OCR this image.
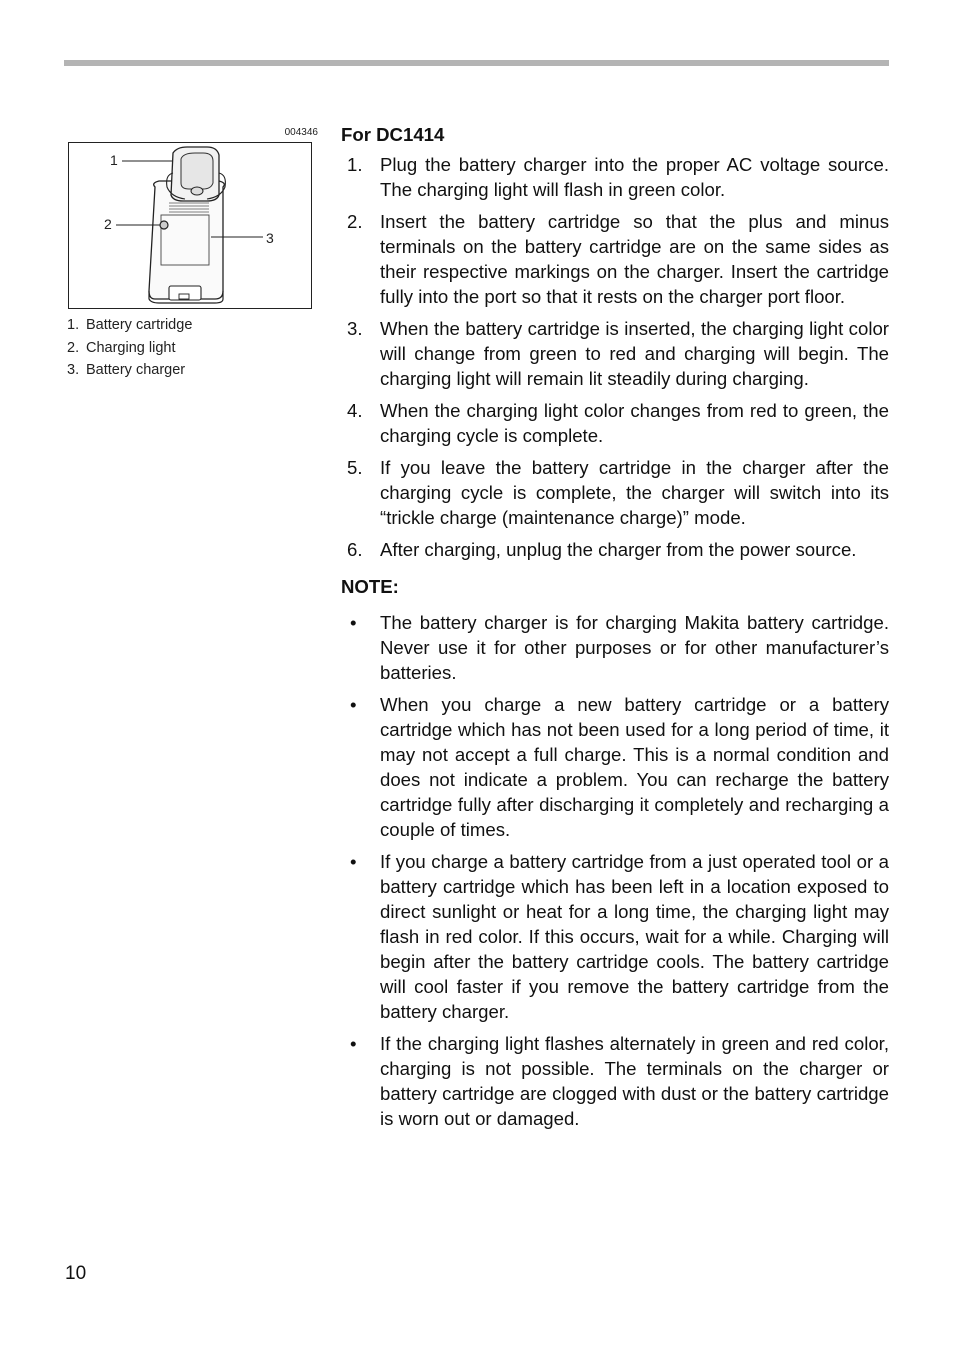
004346
1
2
3
1. Battery cartridge
2. Charging light
3. Battery charger
For DC1414
1. Plug the battery charger into the proper AC voltage source. The charging light will flash in green color.
2. Insert the battery cartridge so that the plus and minus terminals on the battery cartridge are on the same sides as their respective markings on the charger. Insert the cartridge fully into the port so that it rests on the charger port floor.
3. When the battery cartridge is inserted, the charging light color will change from green to red and charging will begin. The charging light will remain lit steadily during charging.
4. When the charging light color changes from red to green, the charging cycle is complete.
5. If you leave the battery cartridge in the charger after the charging cycle is complete, the charger will switch into its “trickle charge (maintenance charge)” mode.
6. After charging, unplug the charger from the power source.
NOTE:
• The battery charger is for charging Makita battery cartridge. Never use it for other purposes or for other manufacturer’s batteries.
• When you charge a new battery cartridge or a battery cartridge which has not been used for a long period of time, it may not accept a full charge. This is a normal condition and does not indicate a problem. You can recharge the battery cartridge fully after discharging it completely and recharging a couple of times.
• If you charge a battery cartridge from a just operated tool or a battery cartridge which has been left in a location exposed to direct sunlight or heat for a long time, the charging light may flash in red color. If this occurs, wait for a while. Charging will begin after the battery cartridge cools. The battery cartridge will cool faster if you remove the battery cartridge from the battery charger.
• If the charging light flashes alternately in green and red color, charging is not possible. The terminals on the charger or battery cartridge are clogged with dust or the battery cartridge is worn out or damaged.
10
